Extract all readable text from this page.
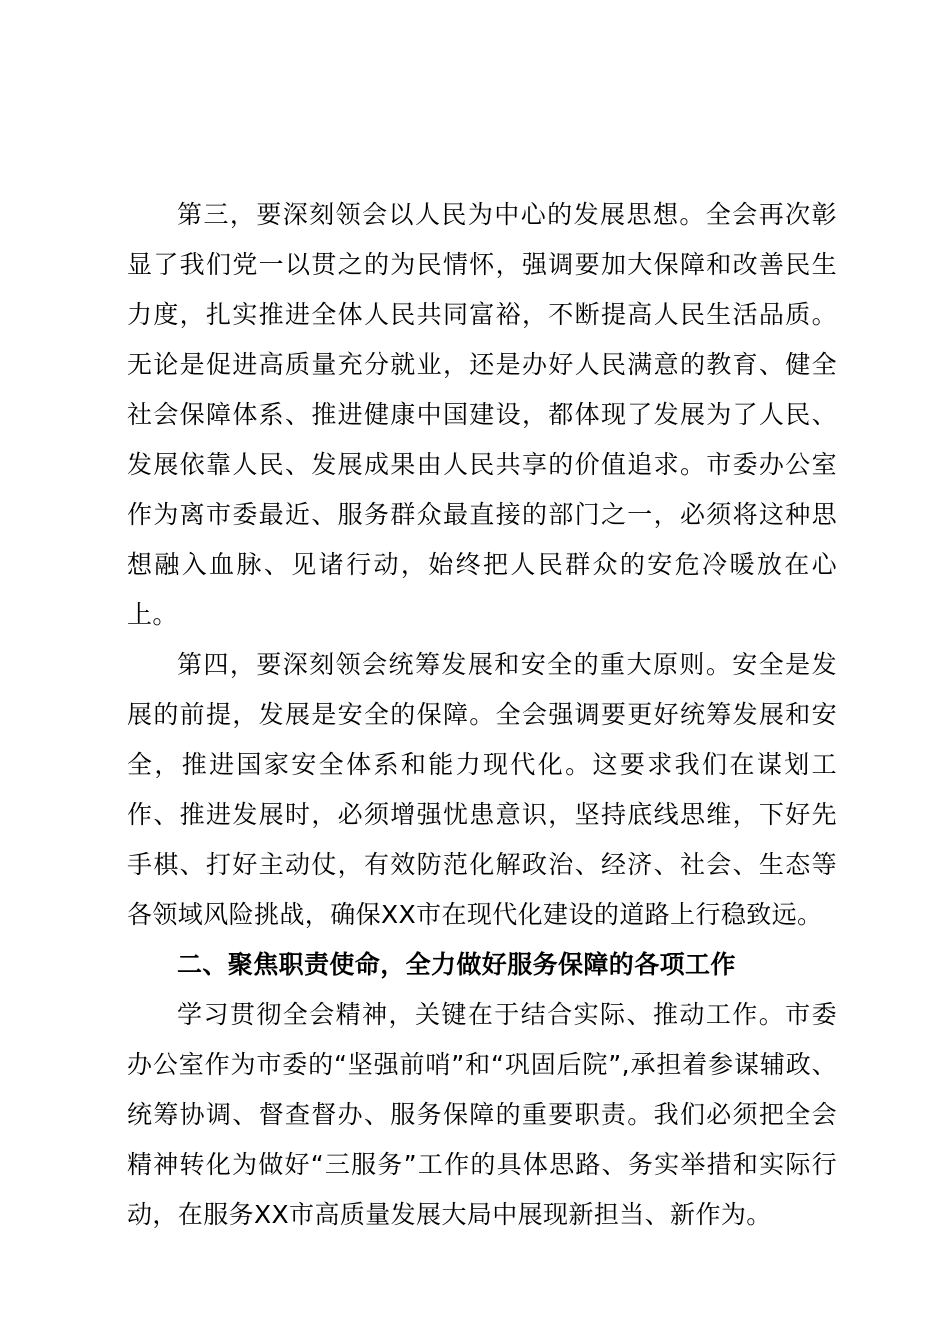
第三，要深刻领会以人民为中心的发展思想。全会再次彰显了我们党一以贯之的为民情怀，强调要加大保障和改善民生力度，扎实推进全体人民共同富裕，不断提高人民生活品质。无论是促进高质量充分就业，还是办好人民满意的教育、健全社会保障体系、推进健康中国建设，都体现了发展为了人民、发展依靠人民、发展成果由人民共享的价值追求。市委办公室作为离市委最近、服务群众最直接的部门之一，必须将这种思想融入血脉、见诸行动，始终把人民群众的安危冷暖放在心上。

第四，要深刻领会统筹发展和安全的重大原则。安全是发展的前提，发展是安全的保障。全会强调要更好统筹发展和安全，推进国家安全体系和能力现代化。这要求我们在谋划工作、推进发展时，必须增强忧患意识，坚持底线思维，下好先手棋、打好主动仗，有效防范化解政治、经济、社会、生态等各领域风险挑战，确保XX市在现代化建设的道路上行稳致远。

二、聚焦职责使命，全力做好服务保障的各项工作

学习贯彻全会精神，关键在于结合实际、推动工作。市委办公室作为市委的“坚强前哨”和“巩固后院”,承担着参谋辅政、统筹协调、督查督办、服务保障的重要职责。我们必须把全会精神转化为做好“三服务”工作的具体思路、务实举措和实际行动，在服务XX市高质量发展大局中展现新担当、新作为。
